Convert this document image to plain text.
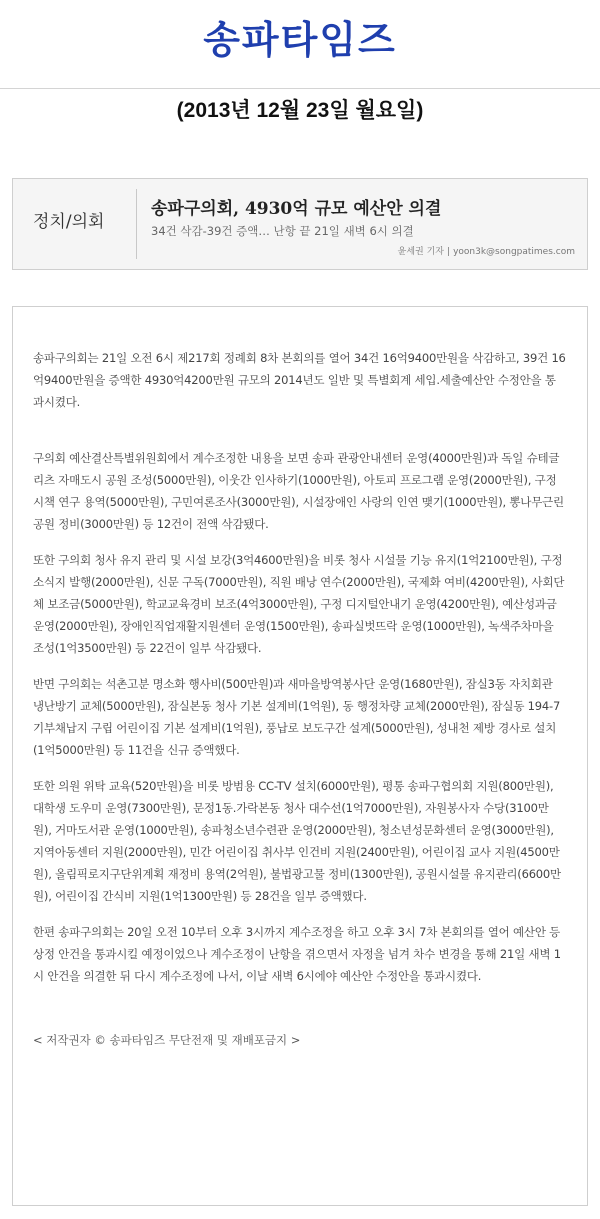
송파타임즈
(2013년 12월 23일 월요일)
정치/의회
송파구의회, 4930억 규모 예산안 의결
34건 삭감-39건 증액… 난항 끝 21일 새벽 6시 의결
윤세권 기자 | yoon3k@songpatimes.com

송파구의회는 21일 오전 6시 제217회 정례회 8차 본회의를 열어 34건 16억9400만원을 삭감하고, 39건 16억9400만원을 증액한 4930억4200만원 규모의 2014년도 일반 및 특별회계 세입.세출예산안 수정안을 통과시켰다.

구의회 예산결산특별위원회에서 계수조정한 내용을 보면 송파 관광안내센터 운영(4000만원)과 독일 슈테글리츠 자매도시 공원 조성(5000만원), 이웃간 인사하기(1000만원), 아토피 프로그램 운영(2000만원), 구정시책 연구 용역(5000만원), 구민여론조사(3000만원), 시설장애인 사랑의 인연 맺기(1000만원), 뽕나무근린공원 정비(3000만원) 등 12건이 전액 삭감됐다.

또한 구의회 청사 유지 관리 및 시설 보강(3억4600만원)을 비롯 청사 시설물 기능 유지(1억2100만원), 구정소식지 발행(2000만원), 신문 구독(7000만원), 직원 배낭 연수(2000만원), 국제화 여비(4200만원), 사회단체 보조금(5000만원), 학교교육경비 보조(4억3000만원), 구정 디지털안내기 운영(4200만원), 예산성과금 운영(2000만원), 장애인직업재활지원센터 운영(1500만원), 송파실벗뜨락 운영(1000만원), 녹색주차마을 조성(1억3500만원) 등 22건이 일부 삭감됐다.

반면 구의회는 석촌고분 명소화 행사비(500만원)과 새마을방역봉사단 운영(1680만원), 잠실3동 자치회관 냉난방기 교체(5000만원), 잠실본동 청사 기본 설계비(1억원), 동 행정차량 교체(2000만원), 잠실동 194-7 기부채납지 구립 어린이집 기본 설계비(1억원), 풍납로 보도구간 설계(5000만원), 성내천 제방 경사로 설치(1억5000만원) 등 11건을 신규 증액했다.

또한 의원 위탁 교육(520만원)을 비롯 방범용 CC-TV 설치(6000만원), 평통 송파구협의회 지원(800만원), 대학생 도우미 운영(7300만원), 문정1동.가락본동 청사 대수선(1억7000만원), 자원봉사자 수당(3100만원), 거마도서관 운영(1000만원), 송파청소년수련관 운영(2000만원), 청소년성문화센터 운영(3000만원), 지역아동센터 지원(2000만원), 민간 어린이집 취사부 인건비 지원(2400만원), 어린이집 교사 지원(4500만원), 올림픽로지구단위계획 재정비 용역(2억원), 불법광고물 정비(1300만원), 공원시설물 유지관리(6600만원), 어린이집 간식비 지원(1억1300만원) 등 28건을 일부 증액했다.

한편 송파구의회는 20일 오전 10부터 오후 3시까지 계수조정을 하고 오후 3시 7차 본회의를 열어 예산안 등 상정 안건을 통과시킬 예정이었으나 계수조정이 난항을 겪으면서 자정을 넘겨 차수 변경을 통해 21일 새벽 1시 안건을 의결한 뒤 다시 계수조정에 나서, 이날 새벽 6시에야 예산안 수정안을 통과시켰다.

< 저작권자 © 송파타임즈 무단전재 및 재배포금지 >
